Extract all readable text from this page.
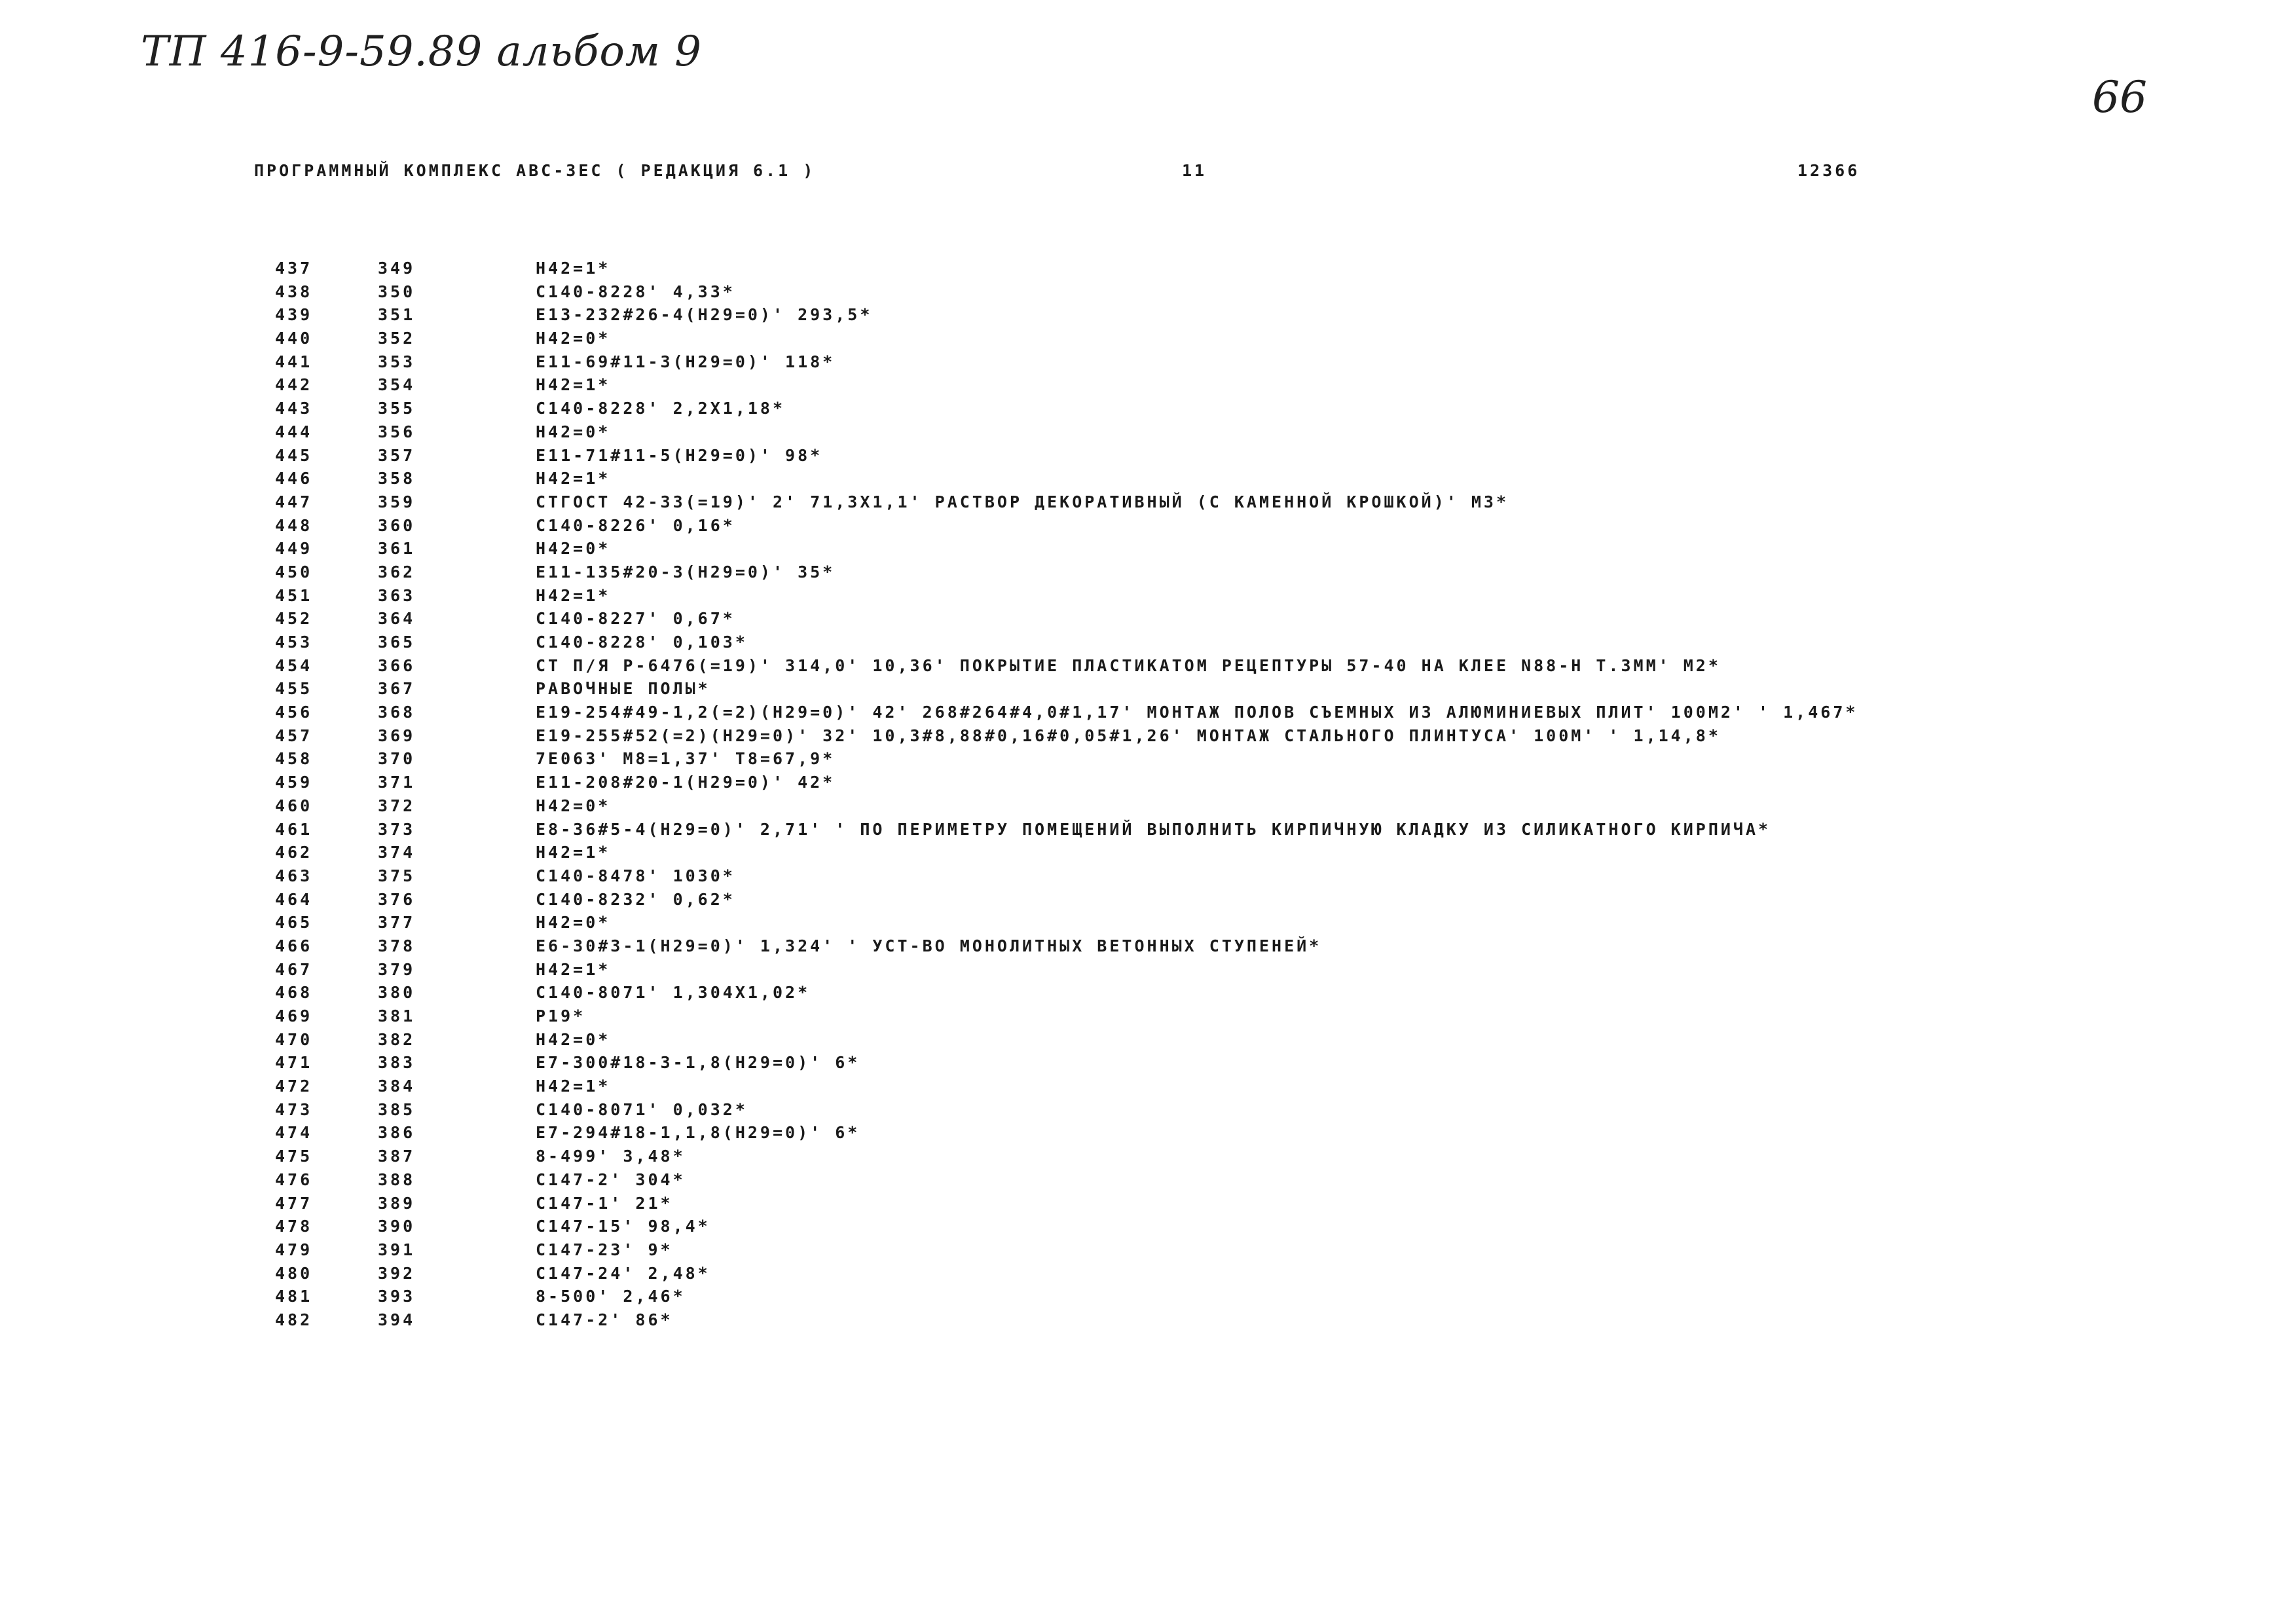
ТП 416-9-59.89 альбом 9
66
ПРОГРАММНЫЙ КОМПЛЕКС АВС-3ЕС ( РЕДАКЦИЯ 6.1 )	11	12366
437	349	Н42=1*
438	350	С140-8228' 4,33*
439	351	Е13-232#26-4(Н29=0)' 293,5*
440	352	Н42=0*
441	353	Е11-69#11-3(Н29=0)' 118*
442	354	Н42=1*
443	355	С140-8228' 2,2Х1,18*
444	356	Н42=0*
445	357	Е11-71#11-5(Н29=0)' 98*
446	358	Н42=1*
447	359	СТГОСТ 42-33(=19)' 2' 71,3Х1,1' РАСТВОР ДЕКОРАТИВНЫЙ (С КАМЕННОЙ КРОШКОЙ)' М3*
448	360	С140-8226' 0,16*
449	361	Н42=0*
450	362	Е11-135#20-3(Н29=0)' 35*
451	363	Н42=1*
452	364	С140-8227' 0,67*
453	365	С140-8228' 0,103*
454	366	СТ П/Я Р-6476(=19)' 314,0' 10,36' ПОКРЫТИЕ ПЛАСТИКАТОМ РЕЦЕПТУРЫ 57-40 НА КЛЕЕ N88-Н Т.3ММ' М2*
455	367	РАВОЧНЫЕ ПОЛЫ*
456	368	Е19-254#49-1,2(=2)(Н29=0)' 42' 268#264#4,0#1,17' МОНТАЖ ПОЛОВ СЪЕМНЫХ ИЗ АЛЮМИНИЕВЫХ ПЛИТ' 100М2' ' 1,467*
457	369	Е19-255#52(=2)(Н29=0)' 32' 10,3#8,88#0,16#0,05#1,26' МОНТАЖ СТАЛЬНОГО ПЛИНТУСА' 100М' ' 1,14,8*
458	370	7Е063' М8=1,37' Т8=67,9*
459	371	Е11-208#20-1(Н29=0)' 42*
460	372	Н42=0*
461	373	Е8-36#5-4(Н29=0)' 2,71' ' ПО ПЕРИМЕТРУ ПОМЕЩЕНИЙ ВЫПОЛНИТЬ КИРПИЧНУЮ КЛАДКУ ИЗ СИЛИКАТНОГО КИРПИЧА*
462	374	Н42=1*
463	375	С140-8478' 1030*
464	376	С140-8232' 0,62*
465	377	Н42=0*
466	378	Е6-30#3-1(Н29=0)' 1,324' ' УСТ-ВО МОНОЛИТНЫХ ВЕТОННЫХ СТУПЕНЕЙ*
467	379	Н42=1*
468	380	С140-8071' 1,304Х1,02*
469	381	Р19*
470	382	Н42=0*
471	383	Е7-300#18-3-1,8(Н29=0)' 6*
472	384	Н42=1*
473	385	С140-8071' 0,032*
474	386	Е7-294#18-1,1,8(Н29=0)' 6*
475	387	8-499' 3,48*
476	388	С147-2' 304*
477	389	С147-1' 21*
478	390	С147-15' 98,4*
479	391	С147-23' 9*
480	392	С147-24' 2,48*
481	393	8-500' 2,46*
482	394	С147-2' 86*
